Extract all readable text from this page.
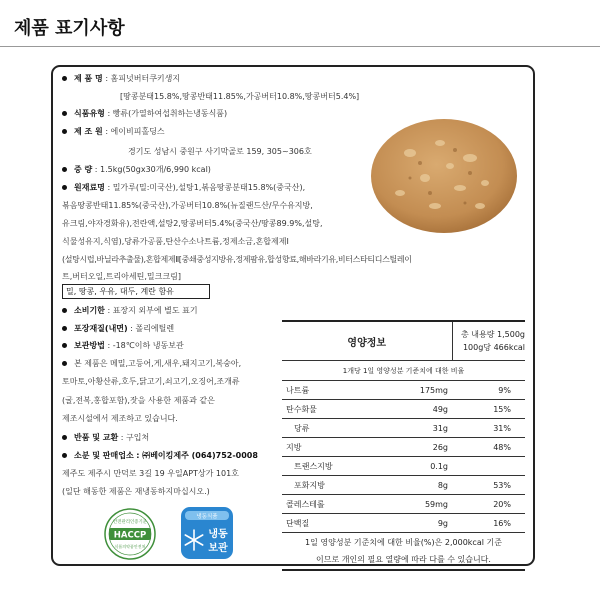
제품 표기사항
제 품 명 : 홈피넛버터쿠키생지
[땅콩분태15.8%,땅콩반태11.85%,가공버터10.8%,땅콩버터5.4%]
식품유형 : 빵류(가열하여섭취하는냉동식품)
제 조 원 : 에이비피홀딩스
경기도 성남시 중원구 사기막골로 159, 305~306호
중 량 : 1.5kg(50gx30개/6,990 kcal)
원재료명 : 밀가루(밀:미국산),설탕1,볶음땅콩분태15.8%(중국산),
볶음땅콩반태11.85%(중국산),가공버터10.8%(뉴질랜드산/무수유지방,
유크림,야자경화유),전란액,설탕2,땅콩버터5.4%(중국산/땅콩89.9%,설탕,
식물성유지,식염),당류가공품,탄산수소나트륨,정제소금,혼합제제Ⅰ
(설탕시럽,바닐라추출물),혼합제제Ⅱ[중쇄중성지방유,정제팜유,합성향료,해바라기유,비터스타티디스틸레이
트,버터오일,트리아세틴,밀크크림]
밀, 땅콩, 우유, 대두, 계란 함유
소비기한 : 표장지 외부에 별도 표기
포장재질(내면) : 폴리에틸렌
보관방법 : -18℃이하 냉동보관
본 제품은 메밀,고등어,게,새우,돼지고기,복숭아,
토마토,아황산류,호두,닭고기,쇠고기,오징어,조개류
(굴,전복,홍합포함),잣을 사용한 제품과 같은
제조시설에서 제조하고 있습니다.
반품 및 교환 : 구입처
소분 및 판매업소 : ㈜베이킹제주 (064)752-0008
제주도 제주시 만덕로 3길 19 우일APT상가 101호
(일단 해동한 제품은 재냉동하지마십시오.)
영양정보		총 내용량 1,500g
100g당 466kcal

1개당 1일 영양성분 기준치에 대한 비율		
나트륨	175mg	9%
탄수화물	49g	15%
당류	31g	31%
지방	26g	48%
트랜스지방	0.1g	
포화지방	8g	53%
콜레스테롤	59mg	20%
단백질	9g	16%

1일 영양성분 기준치에 대한 비율(%)은 2,000kcal 기준
이므로 개인의 필요 열량에 따라 다를 수 있습니다.		
안전관리인증기준
HACCP
식품의약품안전처
냉동식품
냉동
보관
